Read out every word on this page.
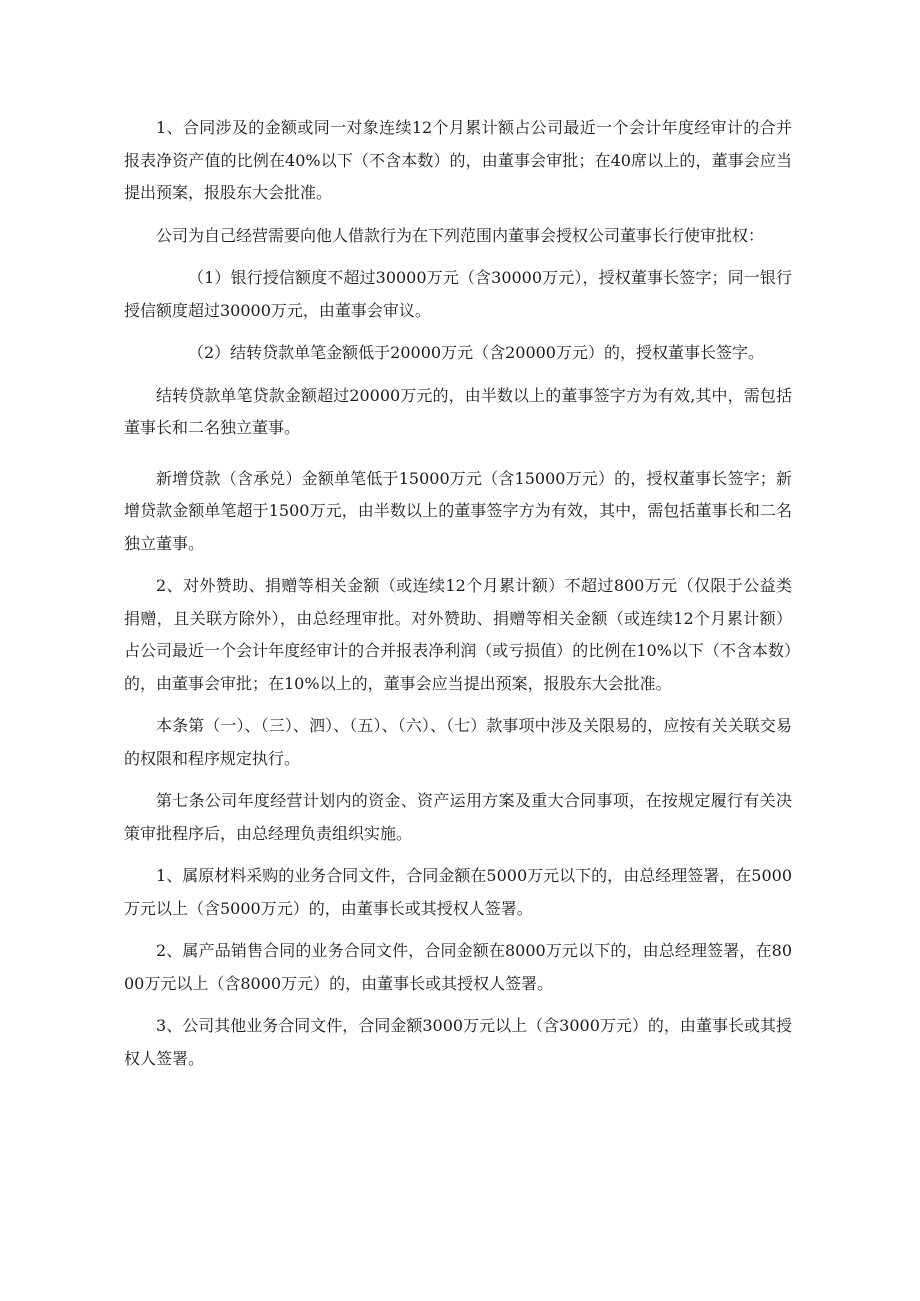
1、合同涉及的金额或同一对象连续12个月累计额占公司最近一个会计年度经审计的合并报表净资产值的比例在40%以下（不含本数）的，由董事会审批；在40席以上的，董事会应当提出预案，报股东大会批准。

公司为自己经营需要向他人借款行为在下列范围内董事会授权公司董事长行使审批权：

（1）银行授信额度不超过30000万元（含30000万元），授权董事长签字；同一银行授信额度超过30000万元，由董事会审议。

（2）结转贷款单笔金额低于20000万元（含20000万元）的，授权董事长签字。

结转贷款单笔贷款金额超过20000万元的，由半数以上的董事签字方为有效,其中，需包括董事长和二名独立董事。

新增贷款（含承兑）金额单笔低于15000万元（含15000万元）的，授权董事长签字；新增贷款金额单笔超于1500万元，由半数以上的董事签字方为有效，其中，需包括董事长和二名独立董事。

2、对外赞助、捐赠等相关金额（或连续12个月累计额）不超过800万元（仅限于公益类捐赠，且关联方除外），由总经理审批。对外赞助、捐赠等相关金额（或连续12个月累计额）占公司最近一个会计年度经审计的合并报表净利润（或亏损值）的比例在10%以下（不含本数）的，由董事会审批；在10%以上的，董事会应当提出预案，报股东大会批准。

本条第（一）、（三）、泗）、（五）、（六）、（七）款事项中涉及关限易的，应按有关关联交易的权限和程序规定执行。

第七条公司年度经营计划内的资金、资产运用方案及重大合同事项，在按规定履行有关决策审批程序后，由总经理负责组织实施。

1、属原材料采购的业务合同文件，合同金额在5000万元以下的，由总经理签署，在5000万元以上（含5000万元）的，由董事长或其授权人签署。

2、属产品销售合同的业务合同文件，合同金额在8000万元以下的，由总经理签署，在8000万元以上（含8000万元）的，由董事长或其授权人签署。

3、公司其他业务合同文件，合同金额3000万元以上（含3000万元）的，由董事长或其授权人签署。
